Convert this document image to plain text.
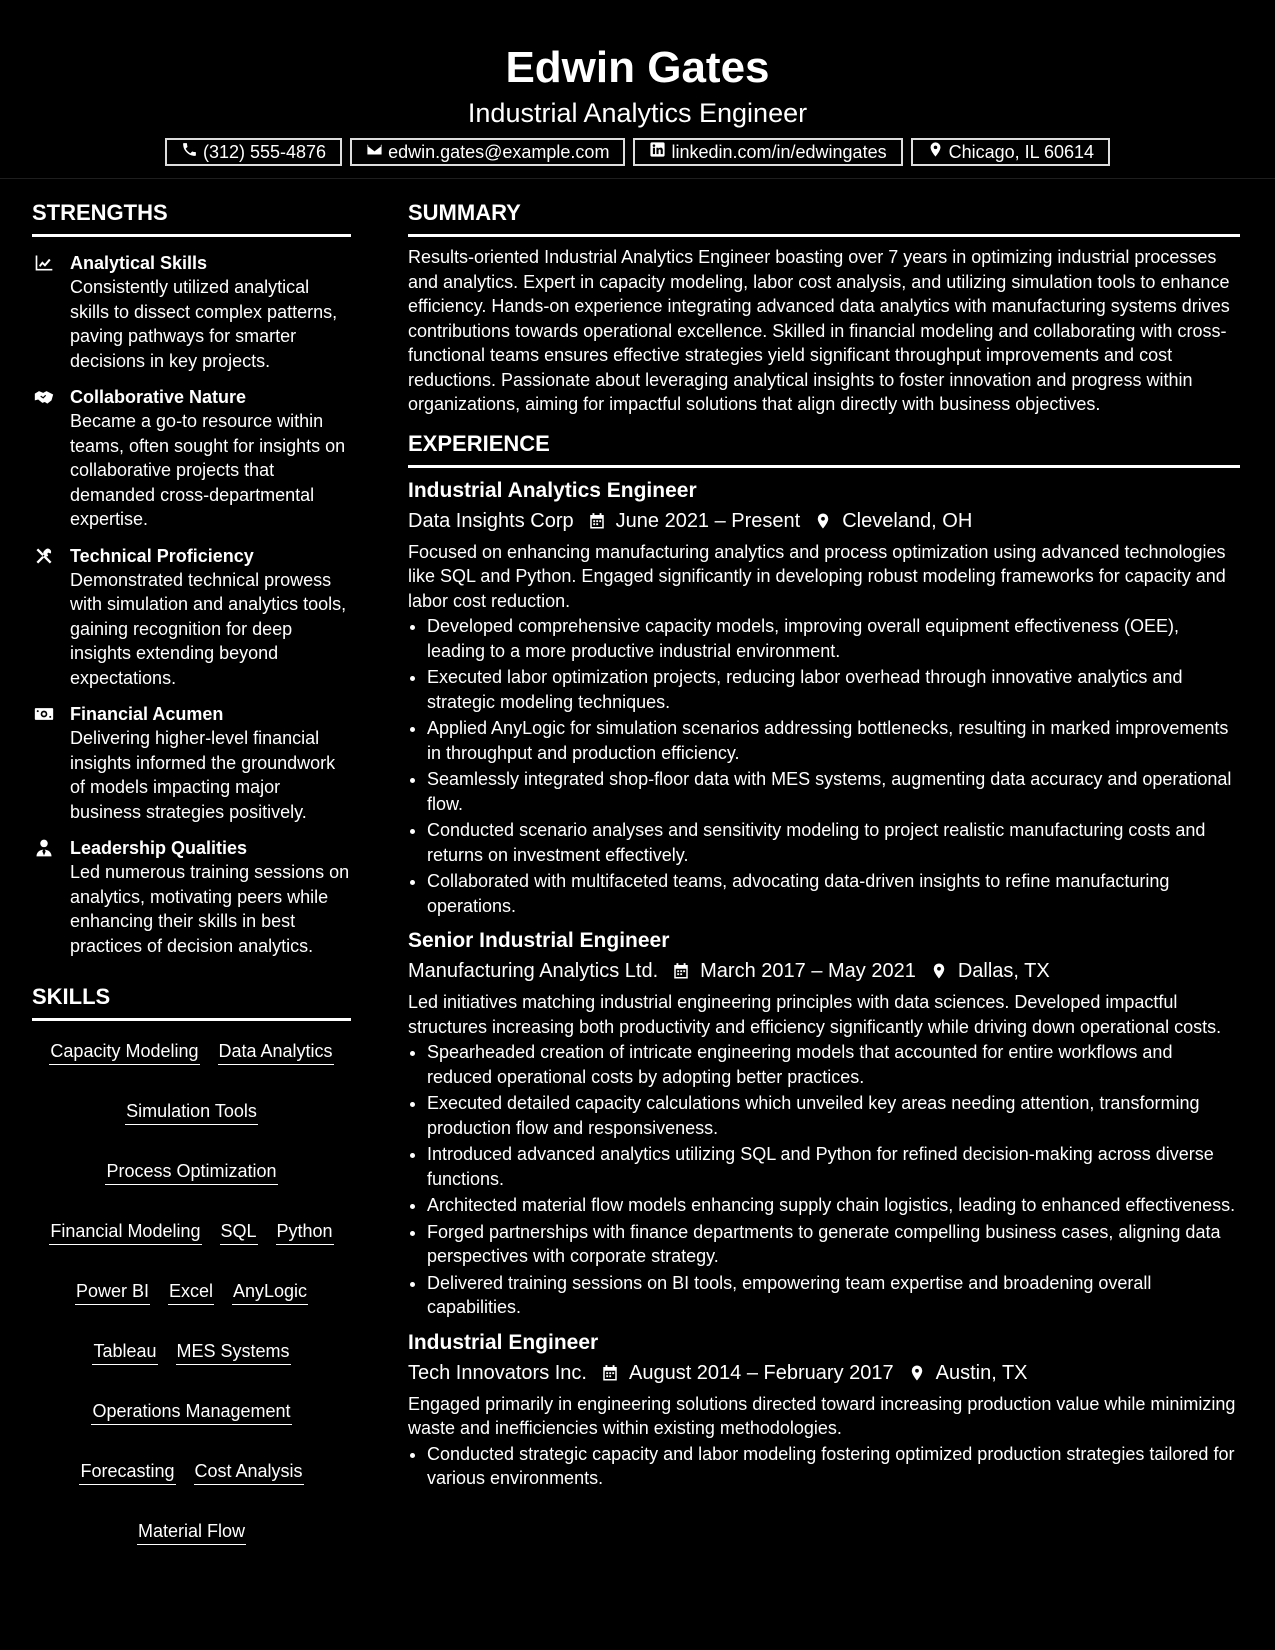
Edwin Gates
Industrial Analytics Engineer
(312) 555-4876	edwin.gates@example.com	linkedin.com/in/edwingates	Chicago, IL 60614
STRENGTHS
Analytical Skills
Consistently utilized analytical skills to dissect complex patterns, paving pathways for smarter decisions in key projects.
Collaborative Nature
Became a go-to resource within teams, often sought for insights on collaborative projects that demanded cross-departmental expertise.
Technical Proficiency
Demonstrated technical prowess with simulation and analytics tools, gaining recognition for deep insights extending beyond expectations.
Financial Acumen
Delivering higher-level financial insights informed the groundwork of models impacting major business strategies positively.
Leadership Qualities
Led numerous training sessions on analytics, motivating peers while enhancing their skills in best practices of decision analytics.
SKILLS
Capacity Modeling Data Analytics
Simulation Tools
Process Optimization
Financial Modeling SQL Python
Power BI Excel AnyLogic
Tableau MES Systems
Operations Management
Forecasting Cost Analysis
Material Flow
SUMMARY
Results-oriented Industrial Analytics Engineer boasting over 7 years in optimizing industrial processes and analytics. Expert in capacity modeling, labor cost analysis, and utilizing simulation tools to enhance efficiency. Hands-on experience integrating advanced data analytics with manufacturing systems drives contributions towards operational excellence. Skilled in financial modeling and collaborating with cross-functional teams ensures effective strategies yield significant throughput improvements and cost reductions. Passionate about leveraging analytical insights to foster innovation and progress within organizations, aiming for impactful solutions that align directly with business objectives.
EXPERIENCE
Industrial Analytics Engineer
Data Insights Corp June 2021 – Present Cleveland, OH
Focused on enhancing manufacturing analytics and process optimization using advanced technologies like SQL and Python. Engaged significantly in developing robust modeling frameworks for capacity and labor cost reduction.
• Developed comprehensive capacity models, improving overall equipment effectiveness (OEE), leading to a more productive industrial environment.
• Executed labor optimization projects, reducing labor overhead through innovative analytics and strategic modeling techniques.
• Applied AnyLogic for simulation scenarios addressing bottlenecks, resulting in marked improvements in throughput and production efficiency.
• Seamlessly integrated shop-floor data with MES systems, augmenting data accuracy and operational flow.
• Conducted scenario analyses and sensitivity modeling to project realistic manufacturing costs and returns on investment effectively.
• Collaborated with multifaceted teams, advocating data-driven insights to refine manufacturing operations.
Senior Industrial Engineer
Manufacturing Analytics Ltd. March 2017 – May 2021 Dallas, TX
Led initiatives matching industrial engineering principles with data sciences. Developed impactful structures increasing both productivity and efficiency significantly while driving down operational costs.
• Spearheaded creation of intricate engineering models that accounted for entire workflows and reduced operational costs by adopting better practices.
• Executed detailed capacity calculations which unveiled key areas needing attention, transforming production flow and responsiveness.
• Introduced advanced analytics utilizing SQL and Python for refined decision-making across diverse functions.
• Architected material flow models enhancing supply chain logistics, leading to enhanced effectiveness.
• Forged partnerships with finance departments to generate compelling business cases, aligning data perspectives with corporate strategy.
• Delivered training sessions on BI tools, empowering team expertise and broadening overall capabilities.
Industrial Engineer
Tech Innovators Inc. August 2014 – February 2017 Austin, TX
Engaged primarily in engineering solutions directed toward increasing production value while minimizing waste and inefficiencies within existing methodologies.
• Conducted strategic capacity and labor modeling fostering optimized production strategies tailored for various environments.
